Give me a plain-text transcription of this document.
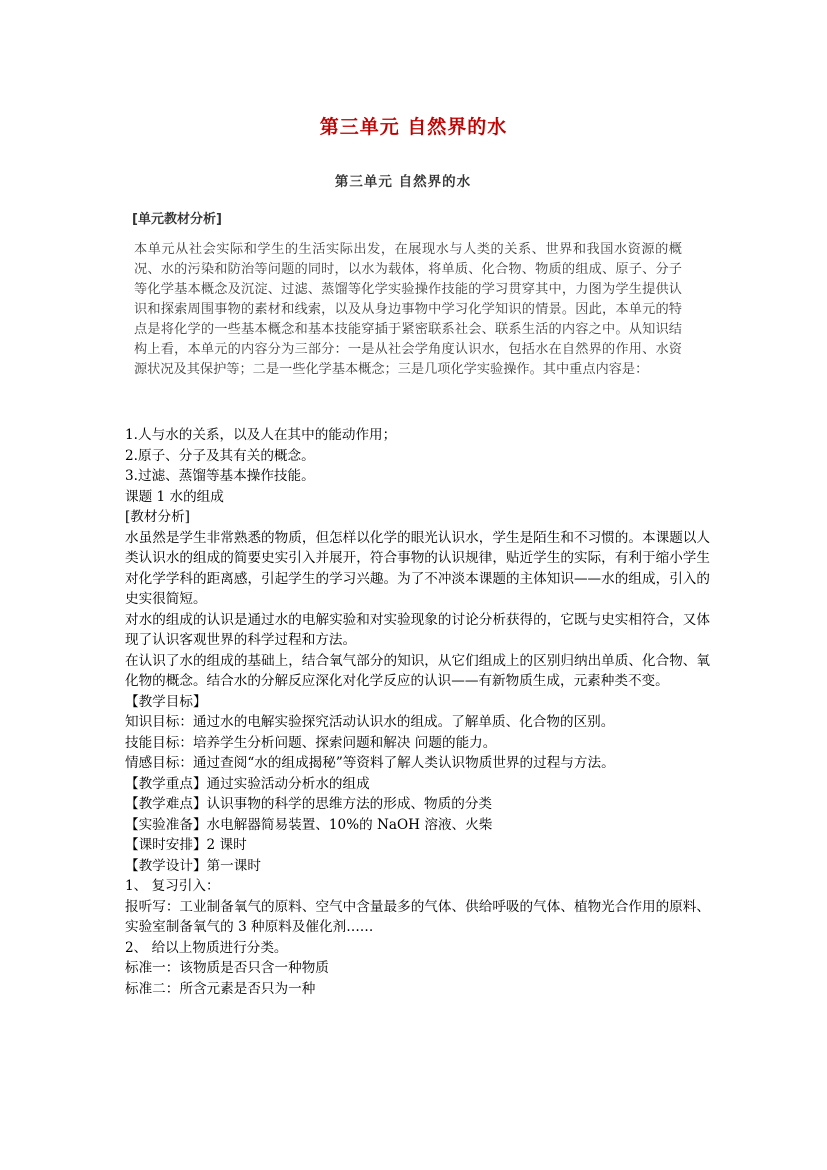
第三单元 自然界的水
第三单元 自然界的水
[单元教材分析]
本单元从社会实际和学生的生活实际出发，在展现水与人类的关系、世界和我国水资源的概况、水的污染和防治等问题的同时，以水为载体，将单质、化合物、物质的组成、原子、分子等化学基本概念及沉淀、过滤、蒸馏等化学实验操作技能的学习贯穿其中，力图为学生提供认识和探索周围事物的素材和线索，以及从身边事物中学习化学知识的情景。因此，本单元的特点是将化学的一些基本概念和基本技能穿插于紧密联系社会、联系生活的内容之中。从知识结构上看，本单元的内容分为三部分：一是从社会学角度认识水，包括水在自然界的作用、水资源状况及其保护等；二是一些化学基本概念；三是几项化学实验操作。其中重点内容是：

1.人与水的关系，以及人在其中的能动作用；

2.原子、分子及其有关的概念。

3.过滤、蒸馏等基本操作技能。

课题 1 水的组成

[教材分析]

水虽然是学生非常熟悉的物质，但怎样以化学的眼光认识水，学生是陌生和不习惯的。本课题以人类认识水的组成的简要史实引入并展开，符合事物的认识规律，贴近学生的实际，有利于缩小学生对化学学科的距离感，引起学生的学习兴趣。为了不冲淡本课题的主体知识——水的组成，引入的史实很简短。

对水的组成的认识是通过水的电解实验和对实验现象的讨论分析获得的，它既与史实相符合，又体现了认识客观世界的科学过程和方法。

在认识了水的组成的基础上，结合氧气部分的知识，从它们组成上的区别归纳出单质、化合物、氧化物的概念。结合水的分解反应深化对化学反应的认识——有新物质生成，元素种类不变。

【教学目标】

知识目标：通过水的电解实验探究活动认识水的组成。了解单质、化合物的区别。

技能目标：培养学生分析问题、探索问题和解决 问题的能力。

情感目标：通过查阅“水的组成揭秘”等资料了解人类认识物质世界的过程与方法。

【教学重点】通过实验活动分析水的组成

【教学难点】认识事物的科学的思维方法的形成、物质的分类

【实验准备】水电解器简易装置、10%的 NaOH 溶液、火柴

【课时安排】2 课时

【教学设计】第一课时

1、 复习引入：

报听写：工业制备氧气的原料、空气中含量最多的气体、供给呼吸的气体、植物光合作用的原料、实验室制备氧气的 3 种原料及催化剂……

2、 给以上物质进行分类。

标准一：该物质是否只含一种物质

标准二：所含元素是否只为一种
